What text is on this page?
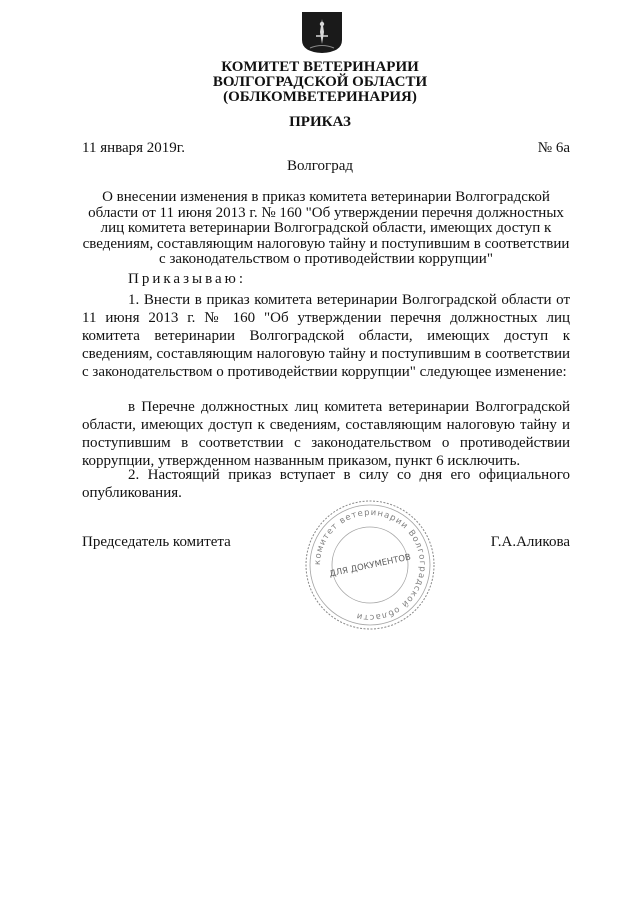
КОМИТЕТ ВЕТЕРИНАРИИ
ВОЛГОГРАДСКОЙ ОБЛАСТИ
(ОБЛКОМВЕТЕРИНАРИЯ)
ПРИКАЗ
11 января 2019г.	№ 6а
Волгоград
О внесении изменения в приказ комитета ветеринарии Волгоградской области от 11 июня 2013 г. № 160 "Об утверждении перечня должностных лиц комитета ветеринарии Волгоградской области, имеющих доступ к сведениям, составляющим налоговую тайну и поступившим в соответствии с законодательством о противодействии коррупции"
Приказываю:

1. Внести в приказ комитета ветеринарии Волгоградской области от 11 июня 2013 г. № 160 "Об утверждении перечня должностных лиц комитета ветеринарии Волгоградской области, имеющих доступ к сведениям, составляющим налоговую тайну и поступившим в соответствии с законодательством о противодействии коррупции" следующее изменение:

в Перечне должностных лиц комитета ветеринарии Волгоградской области, имеющих доступ к сведениям, составляющим налоговую тайну и поступившим в соответствии с законодательством о противодействии коррупции, утвержденном названным приказом, пункт 6 исключить.

2. Настоящий приказ вступает в силу со дня его официального опубликования.

Председатель комитета	Г.А.Аликова
комитет ветеринарии Волгоградской области
ДЛЯ ДОКУМЕНТОВ
